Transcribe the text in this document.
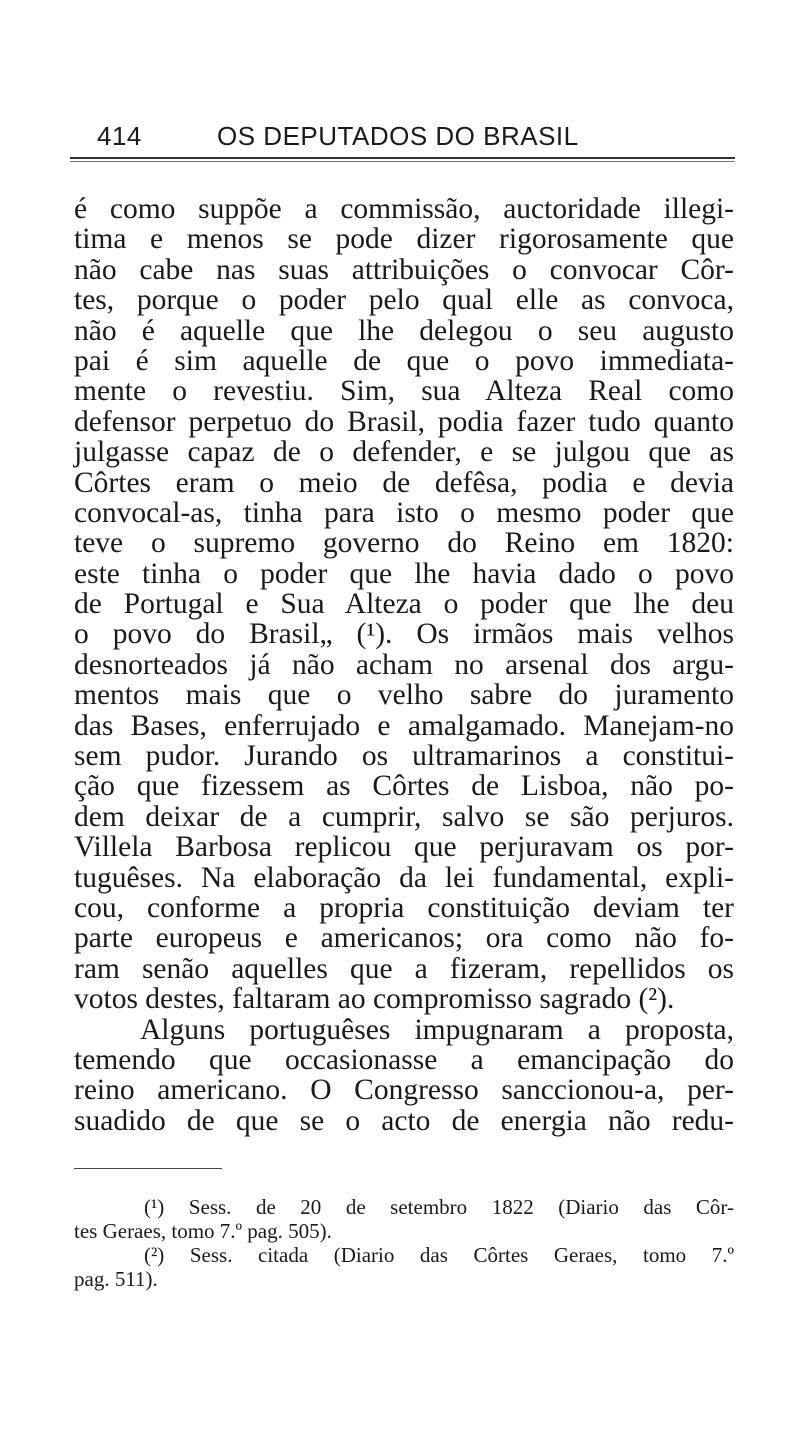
414	OS DEPUTADOS DO BRASIL
é como suppõe a commissão, auctoridade illegi-
tima e menos se pode dizer rigorosamente que
não cabe nas suas attribuições o convocar Côr-
tes, porque o poder pelo qual elle as convoca,
não é aquelle que lhe delegou o seu augusto
pai é sim aquelle de que o povo immediata-
mente o revestiu. Sim, sua Alteza Real como
defensor perpetuo do Brasil, podia fazer tudo quanto
julgasse capaz de o defender, e se julgou que as
Côrtes eram o meio de defêsa, podia e devia
convocal-as, tinha para isto o mesmo poder que
teve o supremo governo do Reino em 1820:
este tinha o poder que lhe havia dado o povo
de Portugal e Sua Alteza o poder que lhe deu
o povo do Brasil„ (¹). Os irmãos mais velhos
desnorteados já não acham no arsenal dos argu-
mentos mais que o velho sabre do juramento
das Bases, enferrujado e amalgamado. Manejam-no
sem pudor. Jurando os ultramarinos a constitui-
ção que fizessem as Côrtes de Lisboa, não po-
dem deixar de a cumprir, salvo se são perjuros.
Villela Barbosa replicou que perjuravam os por-
tuguêses. Na elaboração da lei fundamental, expli-
cou, conforme a propria constituição deviam ter
parte europeus e americanos; ora como não fo-
ram senão aquelles que a fizeram, repellidos os
votos destes, faltaram ao compromisso sagrado (²).
Alguns portuguêses impugnaram a proposta,
temendo que occasionasse a emancipação do
reino americano. O Congresso sanccionou-a, per-
suadido de que se o acto de energia não redu-
(¹) Sess. de 20 de setembro 1822 (Diario das Côr-
tes Geraes, tomo 7.º pag. 505).
(²) Sess. citada (Diario das Côrtes Geraes, tomo 7.º
pag. 511).
